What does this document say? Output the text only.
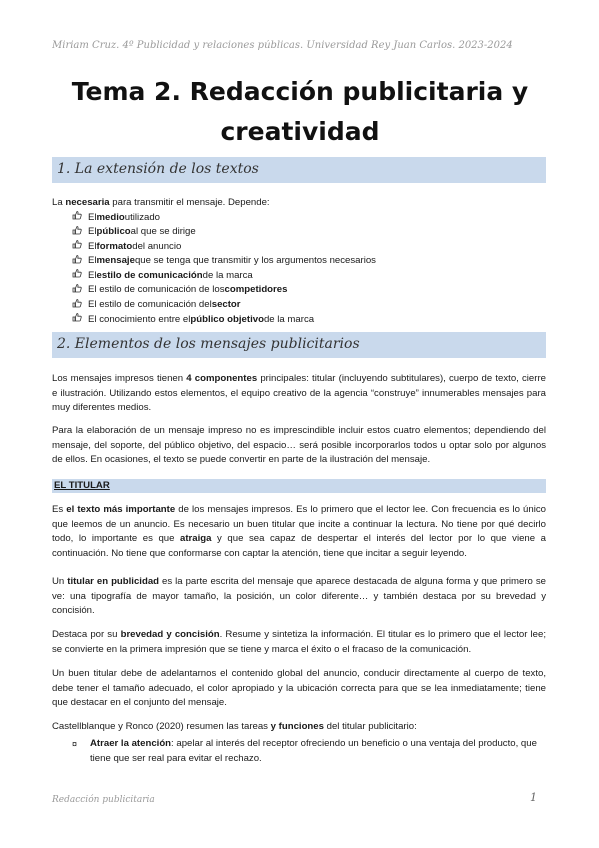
Miriam Cruz. 4º Publicidad y relaciones públicas. Universidad Rey Juan Carlos. 2023-2024
Tema 2. Redacción publicitaria y
creatividad
1. La extensión de los textos

La necesaria para transmitir el mensaje. Depende:

El medio utilizado
El público al que se dirige
El formato del anuncio
El mensaje que se tenga que transmitir y los argumentos necesarios
El estilo de comunicación de la marca
El estilo de comunicación de los competidores
El estilo de comunicación del sector
El conocimiento entre el público objetivo de la marca
2. Elementos de los mensajes publicitarios

Los mensajes impresos tienen 4 componentes principales: titular (incluyendo subtitulares), cuerpo de texto, cierre e ilustración. Utilizando estos elementos, el equipo creativo de la agencia “construye” innumerables mensajes para muy diferentes medios.

Para la elaboración de un mensaje impreso no es imprescindible incluir estos cuatro elementos; dependiendo del mensaje, del soporte, del público objetivo, del espacio… será posible incorporarlos todos u optar solo por algunos de ellos. En ocasiones, el texto se puede convertir en parte de la ilustración del mensaje.

EL TITULAR

Es el texto más importante de los mensajes impresos. Es lo primero que el lector lee. Con frecuencia es lo único que leemos de un anuncio. Es necesario un buen titular que incite a continuar la lectura. No tiene por qué decirlo todo, lo importante es que atraiga y que sea capaz de despertar el interés del lector por lo que viene a continuación. No tiene que conformarse con captar la atención, tiene que incitar a seguir leyendo.

Un titular en publicidad es la parte escrita del mensaje que aparece destacada de alguna forma y que primero se ve: una tipografía de mayor tamaño, la posición, un color diferente… y también destaca por su brevedad y concisión.

Destaca por su brevedad y concisión. Resume y sintetiza la información. El titular es lo primero que el lector lee; se convierte en la primera impresión que se tiene y marca el éxito o el fracaso de la comunicación.

Un buen titular debe de adelantarnos el contenido global del anuncio, conducir directamente al cuerpo de texto, debe tener el tamaño adecuado, el color apropiado y la ubicación correcta para que se lea inmediatamente; tiene que destacar en el conjunto del mensaje.

Castellblanque y Ronco (2020) resumen las tareas y funciones del titular publicitario:

¤ Atraer la atención: apelar al interés del receptor ofreciendo un beneficio o una ventaja del producto, que tiene que ser real para evitar el rechazo.
Redacción publicitaria	1
